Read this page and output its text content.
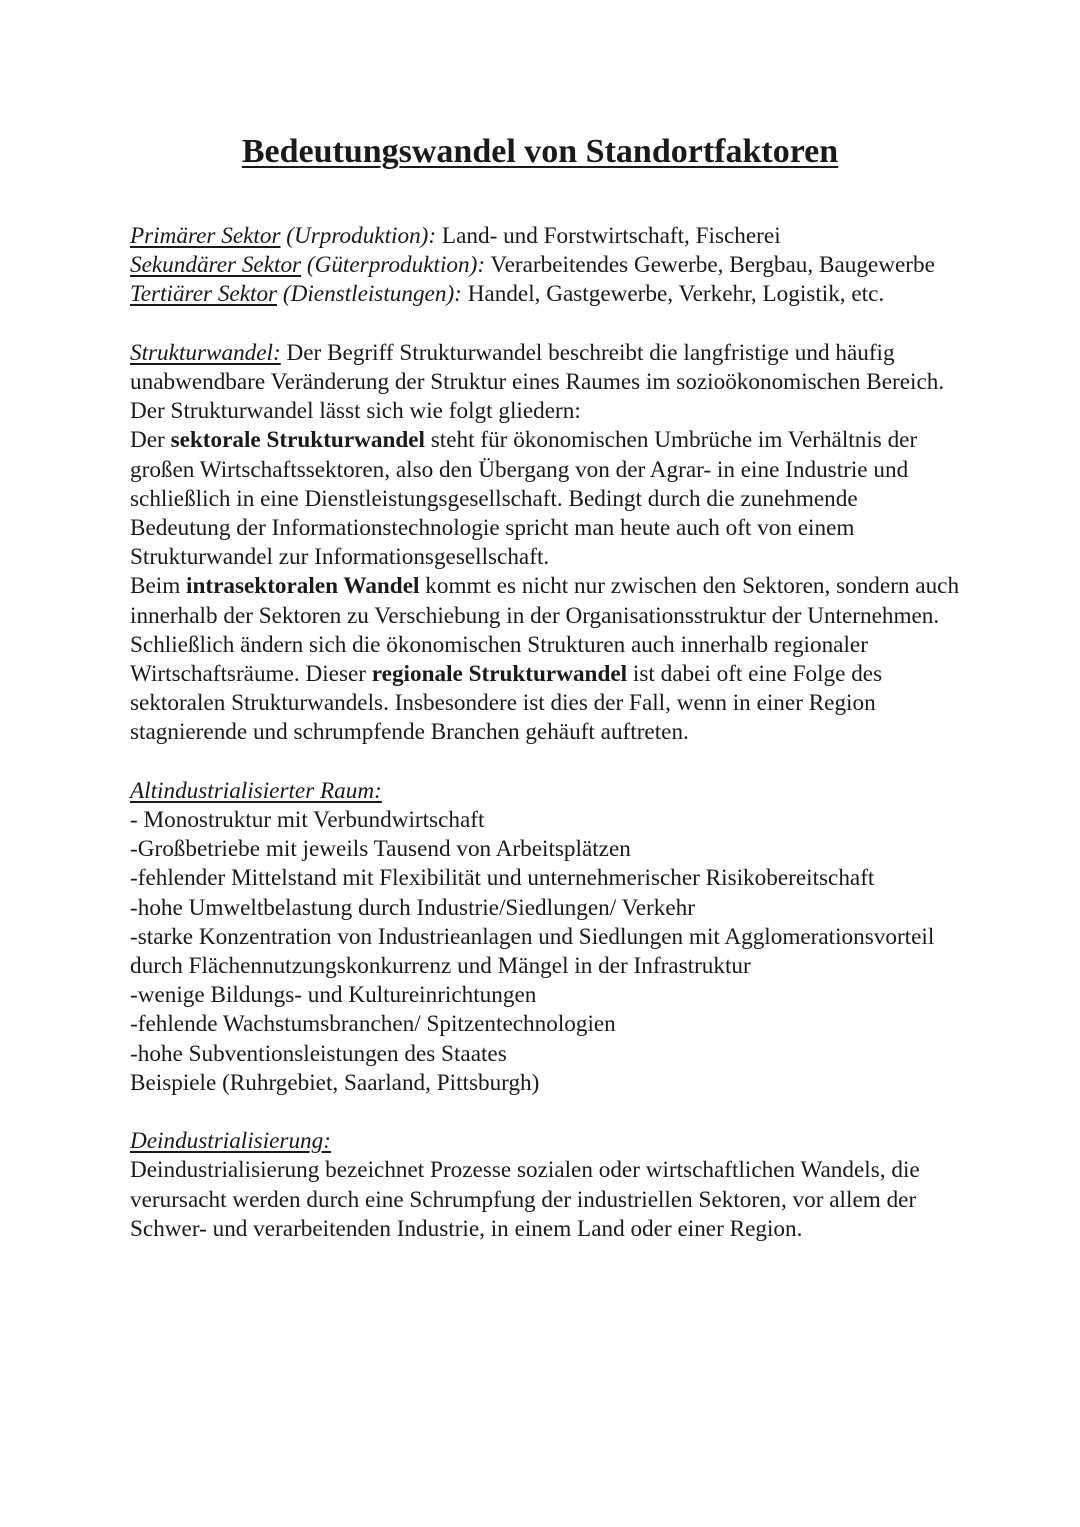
Bedeutungswandel von Standortfaktoren

Primärer Sektor (Urproduktion): Land- und Forstwirtschaft, Fischerei

Sekundärer Sektor (Güterproduktion): Verarbeitendes Gewerbe, Bergbau, Baugewerbe

Tertiärer Sektor (Dienstleistungen): Handel, Gastgewerbe, Verkehr, Logistik, etc.

Strukturwandel: Der Begriff Strukturwandel beschreibt die langfristige und häufig unabwendbare Veränderung der Struktur eines Raumes im sozioökonomischen Bereich. Der Strukturwandel lässt sich wie folgt gliedern:

Der sektorale Strukturwandel steht für ökonomischen Umbrüche im Verhältnis der großen Wirtschaftssektoren, also den Übergang von der Agrar- in eine Industrie und schließlich in eine Dienstleistungsgesellschaft. Bedingt durch die zunehmende Bedeutung der Informationstechnologie spricht man heute auch oft von einem Strukturwandel zur Informationsgesellschaft.

Beim intrasektoralen Wandel kommt es nicht nur zwischen den Sektoren, sondern auch innerhalb der Sektoren zu Verschiebung in der Organisationsstruktur der Unternehmen.

Schließlich ändern sich die ökonomischen Strukturen auch innerhalb regionaler Wirtschaftsräume. Dieser regionale Strukturwandel ist dabei oft eine Folge des sektoralen Strukturwandels. Insbesondere ist dies der Fall, wenn in einer Region stagnierende und schrumpfende Branchen gehäuft auftreten.

Altindustrialisierter Raum:

- Monostruktur mit Verbundwirtschaft

-Großbetriebe mit jeweils Tausend von Arbeitsplätzen

-fehlender Mittelstand mit Flexibilität und unternehmerischer Risikobereitschaft

-hohe Umweltbelastung durch Industrie/Siedlungen/ Verkehr

-starke Konzentration von Industrieanlagen und Siedlungen mit Agglomerationsvorteil durch Flächennutzungskonkurrenz und Mängel in der Infrastruktur

-wenige Bildungs- und Kultureinrichtungen

-fehlende Wachstumsbranchen/ Spitzentechnologien

-hohe Subventionsleistungen des Staates

Beispiele (Ruhrgebiet, Saarland, Pittsburgh)

Deindustrialisierung:

Deindustrialisierung bezeichnet Prozesse sozialen oder wirtschaftlichen Wandels, die verursacht werden durch eine Schrumpfung der industriellen Sektoren, vor allem der Schwer- und verarbeitenden Industrie, in einem Land oder einer Region.
